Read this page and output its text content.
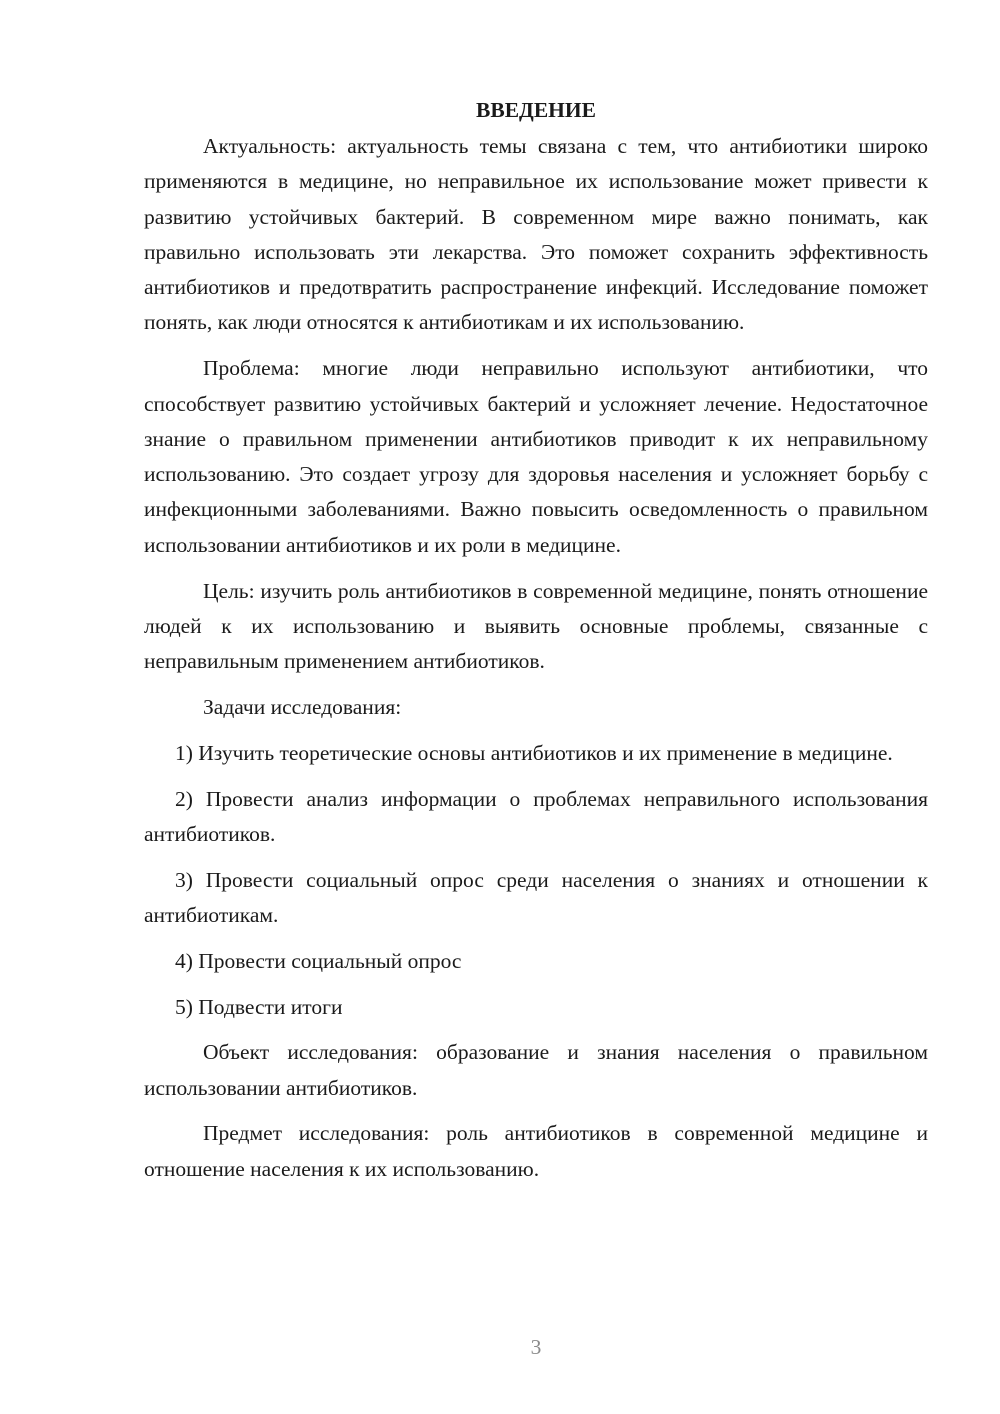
ВВЕДЕНИЕ

Актуальность: актуальность темы связана с тем, что антибиотики широко применяются в медицине, но неправильное их использование может привести к развитию устойчивых бактерий. В современном мире важно понимать, как правильно использовать эти лекарства. Это поможет сохранить эффективность антибиотиков и предотвратить распространение инфекций. Исследование поможет понять, как люди относятся к антибиотикам и их использованию.

Проблема: многие люди неправильно используют антибиотики, что способствует развитию устойчивых бактерий и усложняет лечение. Недостаточное знание о правильном применении антибиотиков приводит к их неправильному использованию. Это создает угрозу для здоровья населения и усложняет борьбу с инфекционными заболеваниями. Важно повысить осведомленность о правильном использовании антибиотиков и их роли в медицине.

Цель: изучить роль антибиотиков в современной медицине, понять отношение людей к их использованию и выявить основные проблемы, связанные с неправильным применением антибиотиков.

Задачи исследования:

1) Изучить теоретические основы антибиотиков и их применение в медицине.

2) Провести анализ информации о проблемах неправильного использования антибиотиков.

3) Провести социальный опрос среди населения о знаниях и отношении к антибиотикам.

4) Провести социальный опрос

5) Подвести итоги

Объект исследования: образование и знания населения о правильном использовании антибиотиков.

Предмет исследования: роль антибиотиков в современной медицине и отношение населения к их использованию.

3
